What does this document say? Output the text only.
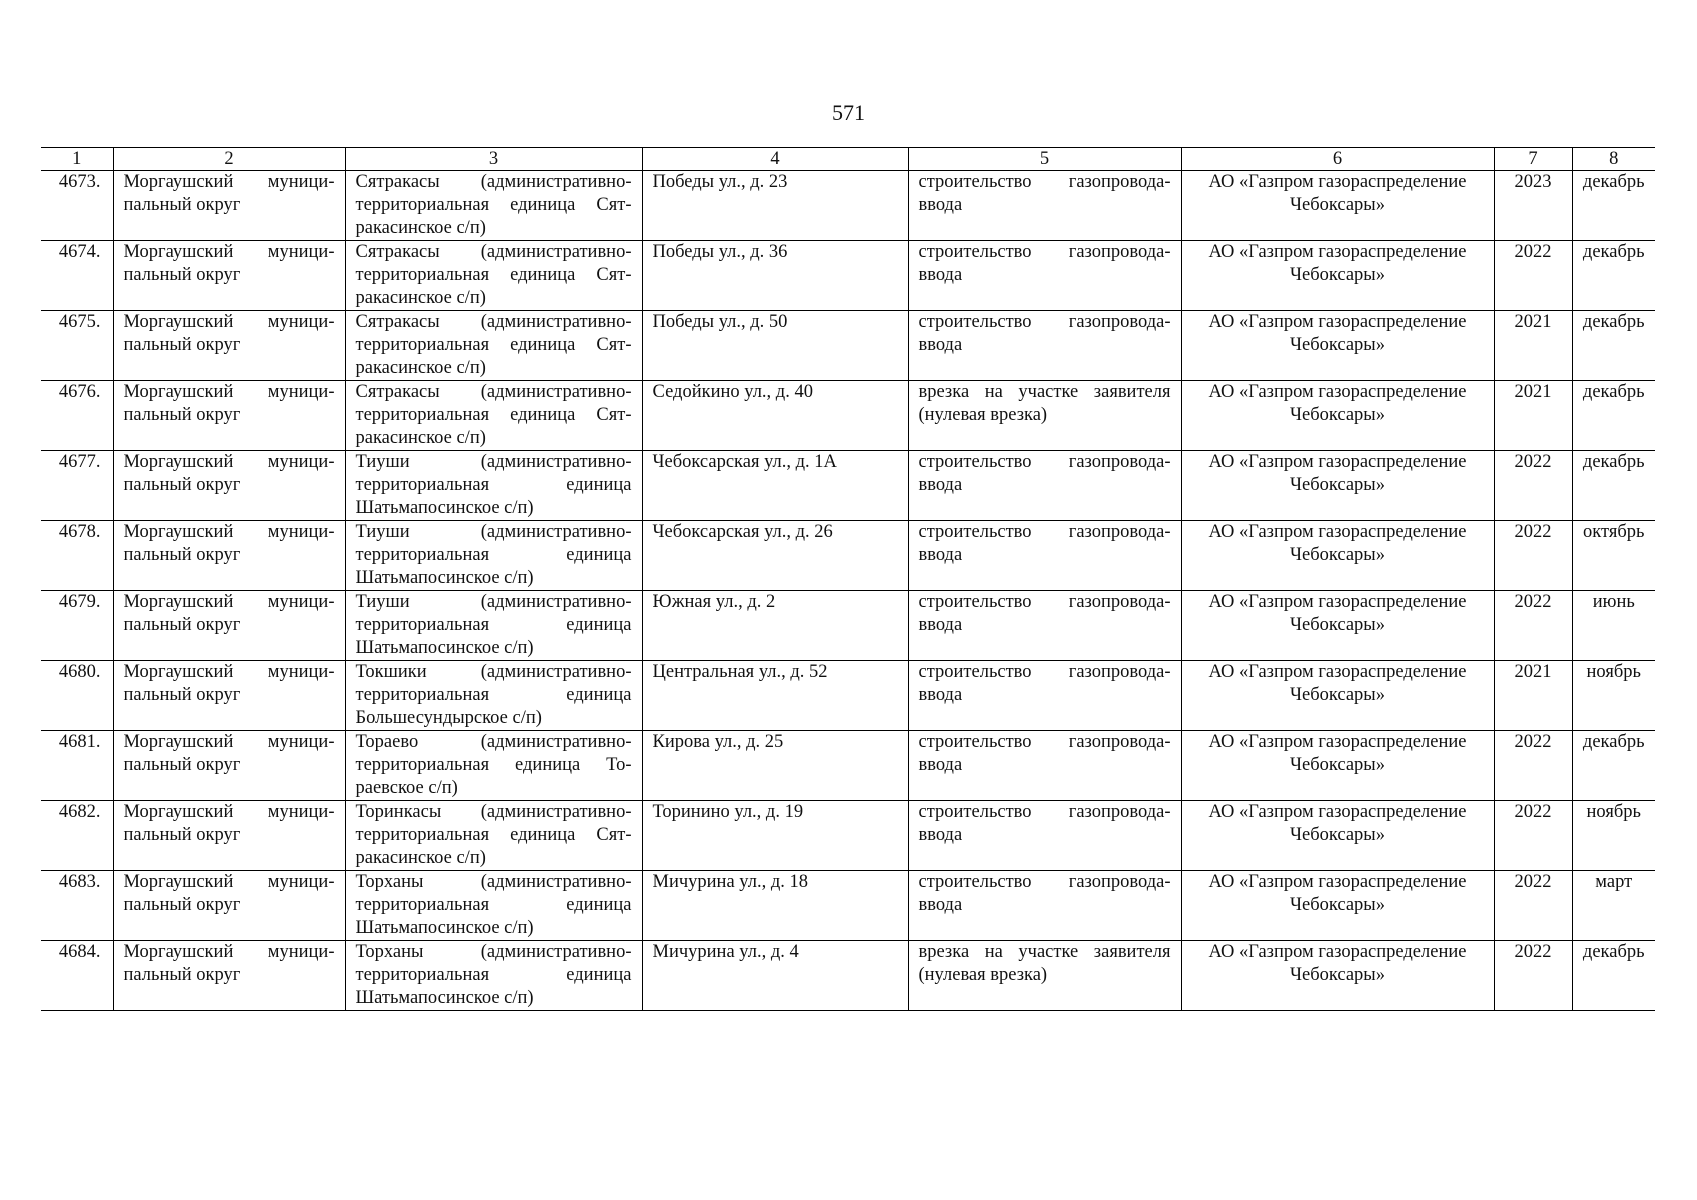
571
1	2	3	4	5	6	7	8
4673.	Моргаушский муници-пальный округ	Сятракасы (административно-территориальная единица Сят-ракасинское с/п)	Победы ул., д. 23	строительство газопровода-ввода	АО «Газпром газораспределение Чебоксары»	2023	декабрь
4674.	Моргаушский муници-пальный округ	Сятракасы (административно-территориальная единица Сят-ракасинское с/п)	Победы ул., д. 36	строительство газопровода-ввода	АО «Газпром газораспределение Чебоксары»	2022	декабрь
4675.	Моргаушский муници-пальный округ	Сятракасы (административно-территориальная единица Сят-ракасинское с/п)	Победы ул., д. 50	строительство газопровода-ввода	АО «Газпром газораспределение Чебоксары»	2021	декабрь
4676.	Моргаушский муници-пальный округ	Сятракасы (административно-территориальная единица Сят-ракасинское с/п)	Седойкино ул., д. 40	врезка на участке заявителя (нулевая врезка)	АО «Газпром газораспределение Чебоксары»	2021	декабрь
4677.	Моргаушский муници-пальный округ	Тиуши (административно-территориальная единица Шатьмапосинское с/п)	Чебоксарская ул., д. 1А	строительство газопровода-ввода	АО «Газпром газораспределение Чебоксары»	2022	декабрь
4678.	Моргаушский муници-пальный округ	Тиуши (административно-территориальная единица Шатьмапосинское с/п)	Чебоксарская ул., д. 26	строительство газопровода-ввода	АО «Газпром газораспределение Чебоксары»	2022	октябрь
4679.	Моргаушский муници-пальный округ	Тиуши (административно-территориальная единица Шатьмапосинское с/п)	Южная ул., д. 2	строительство газопровода-ввода	АО «Газпром газораспределение Чебоксары»	2022	июнь
4680.	Моргаушский муници-пальный округ	Токшики (административно-территориальная единица Большесундырское с/п)	Центральная ул., д. 52	строительство газопровода-ввода	АО «Газпром газораспределение Чебоксары»	2021	ноябрь
4681.	Моргаушский муници-пальный округ	Тораево (административно-территориальная единица То-раевское с/п)	Кирова ул., д. 25	строительство газопровода-ввода	АО «Газпром газораспределение Чебоксары»	2022	декабрь
4682.	Моргаушский муници-пальный округ	Торинкасы (административно-территориальная единица Сят-ракасинское с/п)	Торинино ул., д. 19	строительство газопровода-ввода	АО «Газпром газораспределение Чебоксары»	2022	ноябрь
4683.	Моргаушский муници-пальный округ	Торханы (административно-территориальная единица Шатьмапосинское с/п)	Мичурина ул., д. 18	строительство газопровода-ввода	АО «Газпром газораспределение Чебоксары»	2022	март
4684.	Моргаушский муници-пальный округ	Торханы (административно-территориальная единица Шатьмапосинское с/п)	Мичурина ул., д. 4	врезка на участке заявителя (нулевая врезка)	АО «Газпром газораспределение Чебоксары»	2022	декабрь
